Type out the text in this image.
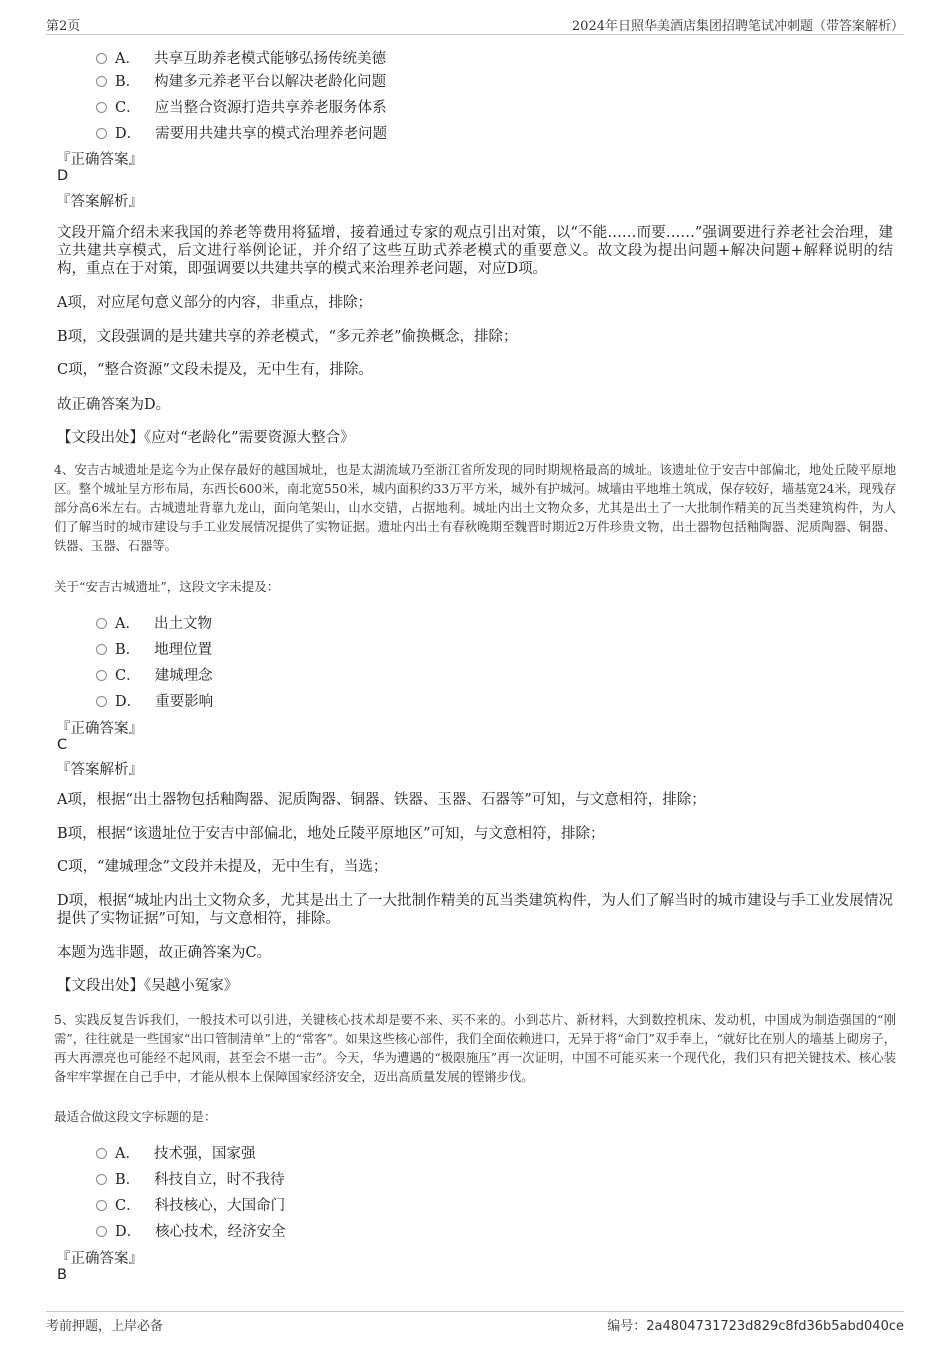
第2页	2024年日照华美酒店集团招聘笔试冲刺题（带答案解析）
A． 共享互助养老模式能够弘扬传统美德
B． 构建多元养老平台以解决老龄化问题
C． 应当整合资源打造共享养老服务体系
D． 需要用共建共享的模式治理养老问题
『正确答案』
D
『答案解析』
文段开篇介绍未来我国的养老等费用将猛增，接着通过专家的观点引出对策，以“不能……而要……”强调要进行养老社会治理，建立共建共享模式，后文进行举例论证，并介绍了这些互助式养老模式的重要意义。故文段为提出问题+解决问题+解释说明的结构，重点在于对策，即强调要以共建共享的模式来治理养老问题，对应D项。
A项，对应尾句意义部分的内容，非重点，排除；
B项，文段强调的是共建共享的养老模式，“多元养老”偷换概念，排除；
C项，“整合资源”文段未提及，无中生有，排除。
故正确答案为D。
【文段出处】《应对“老龄化”需要资源大整合》
4、安吉古城遗址是迄今为止保存最好的越国城址，也是太湖流域乃至浙江省所发现的同时期规格最高的城址。该遗址位于安吉中部偏北，地处丘陵平原地区。整个城址呈方形布局，东西长600米，南北宽550米，城内面积约33万平方米，城外有护城河。城墙由平地堆土筑成，保存较好，墙基宽24米，现残存部分高6米左右。古城遗址背靠九龙山，面向笔架山，山水交错，占据地利。城址内出土文物众多，尤其是出土了一大批制作精美的瓦当类建筑构件，为人们了解当时的城市建设与手工业发展情况提供了实物证据。遗址内出土有春秋晚期至魏晋时期近2万件珍贵文物，出土器物包括釉陶器、泥质陶器、铜器、铁器、玉器、石器等。
关于“安吉古城遗址”，这段文字未提及：
A． 出土文物
B． 地理位置
C． 建城理念
D． 重要影响
『正确答案』
C
『答案解析』
A项，根据“出土器物包括釉陶器、泥质陶器、铜器、铁器、玉器、石器等”可知，与文意相符，排除；
B项，根据“该遗址位于安吉中部偏北，地处丘陵平原地区”可知，与文意相符，排除；
C项，“建城理念”文段并未提及，无中生有，当选；
D项，根据“城址内出土文物众多，尤其是出土了一大批制作精美的瓦当类建筑构件，为人们了解当时的城市建设与手工业发展情况提供了实物证据”可知，与文意相符，排除。
本题为选非题，故正确答案为C。
【文段出处】《吴越小冤家》
5、实践反复告诉我们，一般技术可以引进，关键核心技术却是要不来、买不来的。小到芯片、新材料，大到数控机床、发动机，中国成为制造强国的“刚需”，往往就是一些国家“出口管制清单”上的“常客”。如果这些核心部件，我们全面依赖进口，无异于将“命门”双手奉上，“就好比在别人的墙基上砌房子，再大再漂亮也可能经不起风雨，甚至会不堪一击”。今天，华为遭遇的“极限施压”再一次证明，中国不可能买来一个现代化，我们只有把关键技术、核心装备牢牢掌握在自己手中，才能从根本上保障国家经济安全，迈出高质量发展的铿锵步伐。
最适合做这段文字标题的是：
A． 技术强，国家强
B． 科技自立，时不我待
C． 科技核心，大国命门
D． 核心技术，经济安全
『正确答案』
B
考前押题，上岸必备	编号：2a4804731723d829c8fd36b5abd040ce
